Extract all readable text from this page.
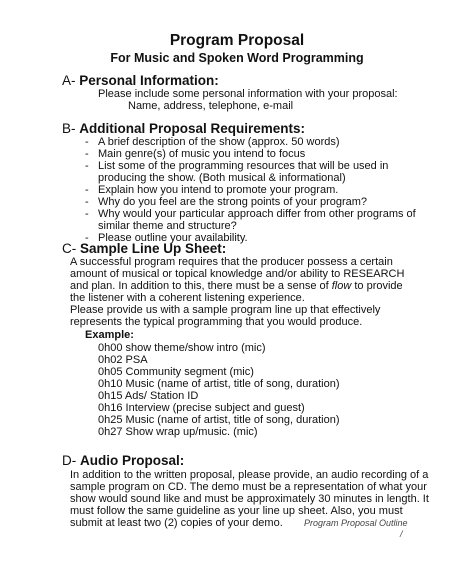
Program Proposal
For Music and Spoken Word Programming
A- Personal Information:

Please include some personal information with your proposal:

Name, address, telephone, e-mail

B- Additional Proposal Requirements:
- A brief description of the show (approx. 50 words)

- Main genre(s) of music you intend to focus

- List some of the programming resources that will be used in

producing the show. (Both musical & informational)

- Explain how you intend to promote your program.

- Why do you feel are the strong points of your program?

- Why would your particular approach differ from other programs of

similar theme and structure?

- Please outline your availability.

C- Sample Line Up Sheet:

A successful program requires that the producer possess a certain

amount of musical or topical knowledge and/or ability to RESEARCH

and plan. In addition to this, there must be a sense of flow to provide

the listener with a coherent listening experience.

Please provide us with a sample program line up that effectively

represents the typical programming that you would produce.

Example:

0h00 show theme/show intro (mic)

0h02 PSA

0h05 Community segment (mic)

0h10 Music (name of artist, title of song, duration)

0h15 Ads/ Station ID

0h16 Interview (precise subject and guest)

0h25 Music (name of artist, title of song, duration)

0h27 Show wrap up/music. (mic)

D- Audio Proposal:

In addition to the written proposal, please provide, an audio recording of a

sample program on CD. The demo must be a representation of what your

show would sound like and must be approximately 30 minutes in length. It

must follow the same guideline as your line up sheet. Also, you must

submit at least two (2) copies of your demo. Program Proposal Outline
/
